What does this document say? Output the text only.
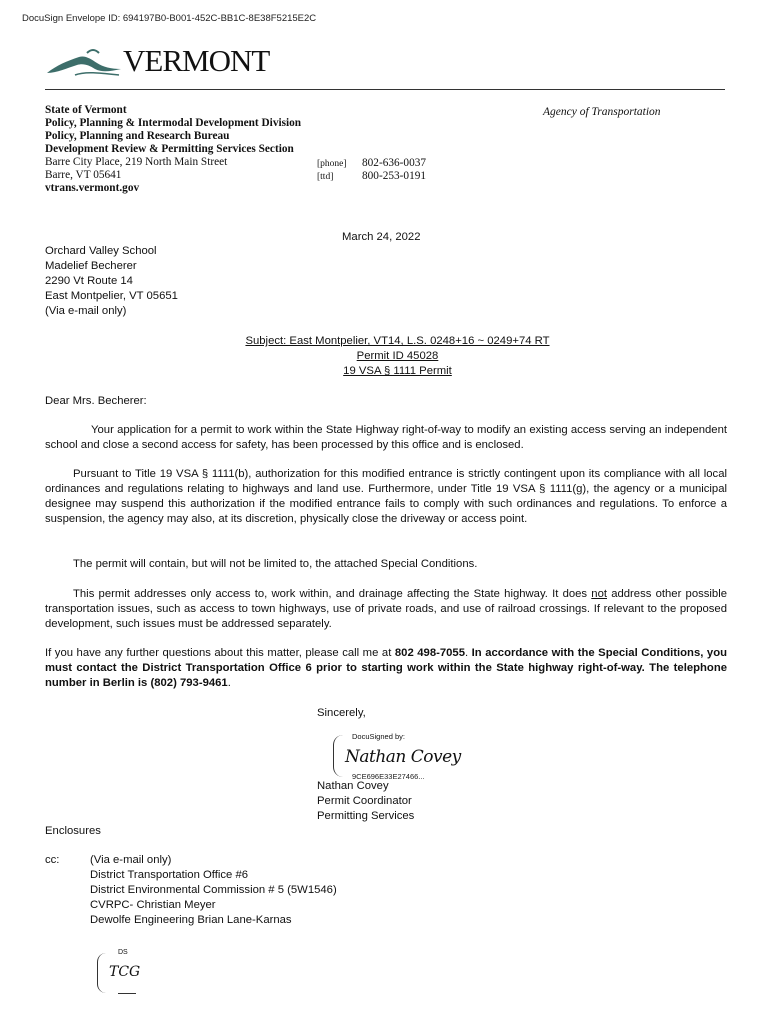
DocuSign Envelope ID: 694197B0-B001-452C-BB1C-8E38F5215E2C
VERMONT
State of Vermont
Policy, Planning & Intermodal Development Division
Policy, Planning and Research Bureau
Development Review & Permitting Services Section
Barre City Place, 219 North Main Street
Barre, VT 05641
vtrans.vermont.gov
[phone] 802-636-0037
[ttd]	800-253-0191
Agency of Transportation
March 24, 2022
Orchard Valley School
Madelief Becherer
2290 Vt Route 14
East Montpelier, VT 05651
(Via e-mail only)
Subject: East Montpelier, VT14, L.S. 0248+16 ~ 0249+74 RT
Permit ID 45028
19 VSA § 1111 Permit
Dear Mrs. Becherer:
Your application for a permit to work within the State Highway right-of-way to modify an existing access serving an independent school and close a second access for safety, has been processed by this office and is enclosed.
Pursuant to Title 19 VSA § 1111(b), authorization for this modified entrance is strictly contingent upon its compliance with all local ordinances and regulations relating to highways and land use. Furthermore, under Title 19 VSA § 1111(g), the agency or a municipal designee may suspend this authorization if the modified entrance fails to comply with such ordinances and regulations. To enforce a suspension, the agency may also, at its discretion, physically close the driveway or access point.
The permit will contain, but will not be limited to, the attached Special Conditions.
This permit addresses only access to, work within, and drainage affecting the State highway. It does not address other possible transportation issues, such as access to town highways, use of private roads, and use of railroad crossings. If relevant to the proposed development, such issues must be addressed separately.
If you have any further questions about this matter, please call me at 802 498-7055. In accordance with the Special Conditions, you must contact the District Transportation Office 6 prior to starting work within the State highway right-of-way. The telephone number in Berlin is (802) 793-9461.
Sincerely,
DocuSigned by:
Nathan Covey
9CE696E33E27466...
Nathan Covey
Permit Coordinator
Permitting Services
Enclosures
cc:	(Via e-mail only)
District Transportation Office #6
District Environmental Commission # 5 (5W1546)
CVRPC- Christian Meyer
Dewolfe Engineering Brian Lane-Karnas
DS
TCG
